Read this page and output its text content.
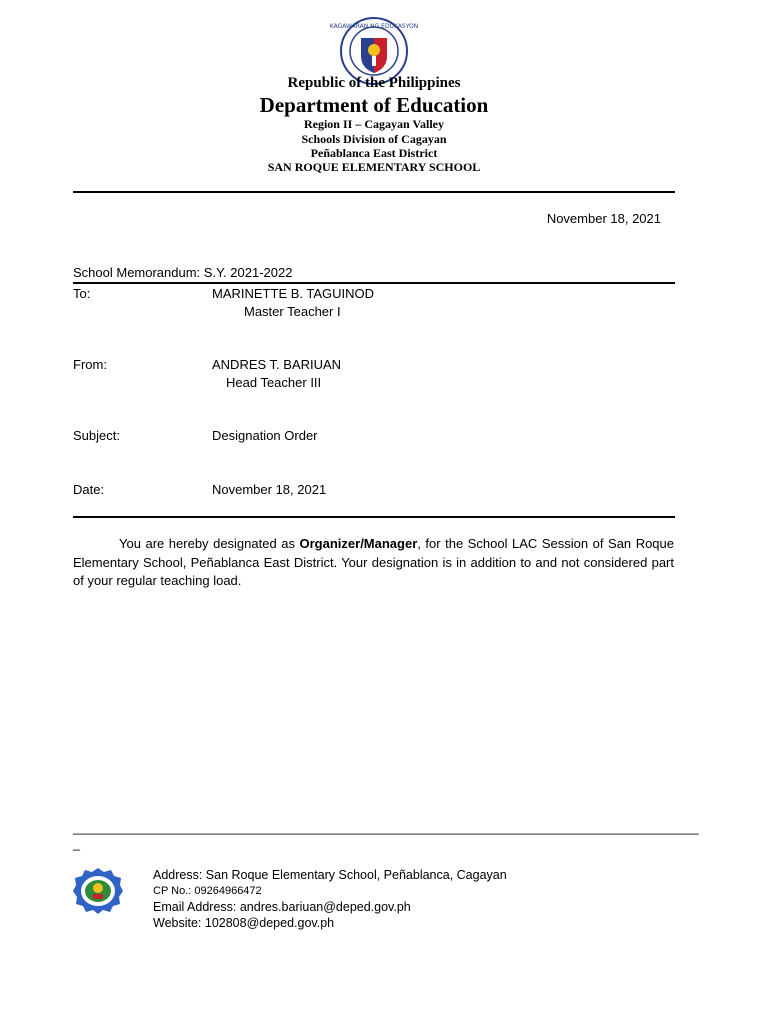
KAGAWARAN NG EDUKASYON
Republic of the Philippines
Department of Education
Region II – Cagayan Valley
Schools Division of Cagayan
Peñablanca East District
SAN ROQUE ELEMENTARY SCHOOL
November 18, 2021
School Memorandum: S.Y. 2021-2022
To:	MARINETTE B. TAGUINOD
Master Teacher I
From:	ANDRES T. BARIUAN
Head Teacher III
Subject:	Designation Order
Date:	November 18, 2021
You are hereby designated as Organizer/Manager, for the School LAC Session of San Roque Elementary School, Peñablanca East District. Your designation is in addition to and not considered part of your regular teaching load.
__________________________________________________________________________________________
_
Address: San Roque Elementary School, Peñablanca, Cagayan
CP No.: 09264966472
Email Address: andres.bariuan@deped.gov.ph
Website: 102808@deped.gov.ph
